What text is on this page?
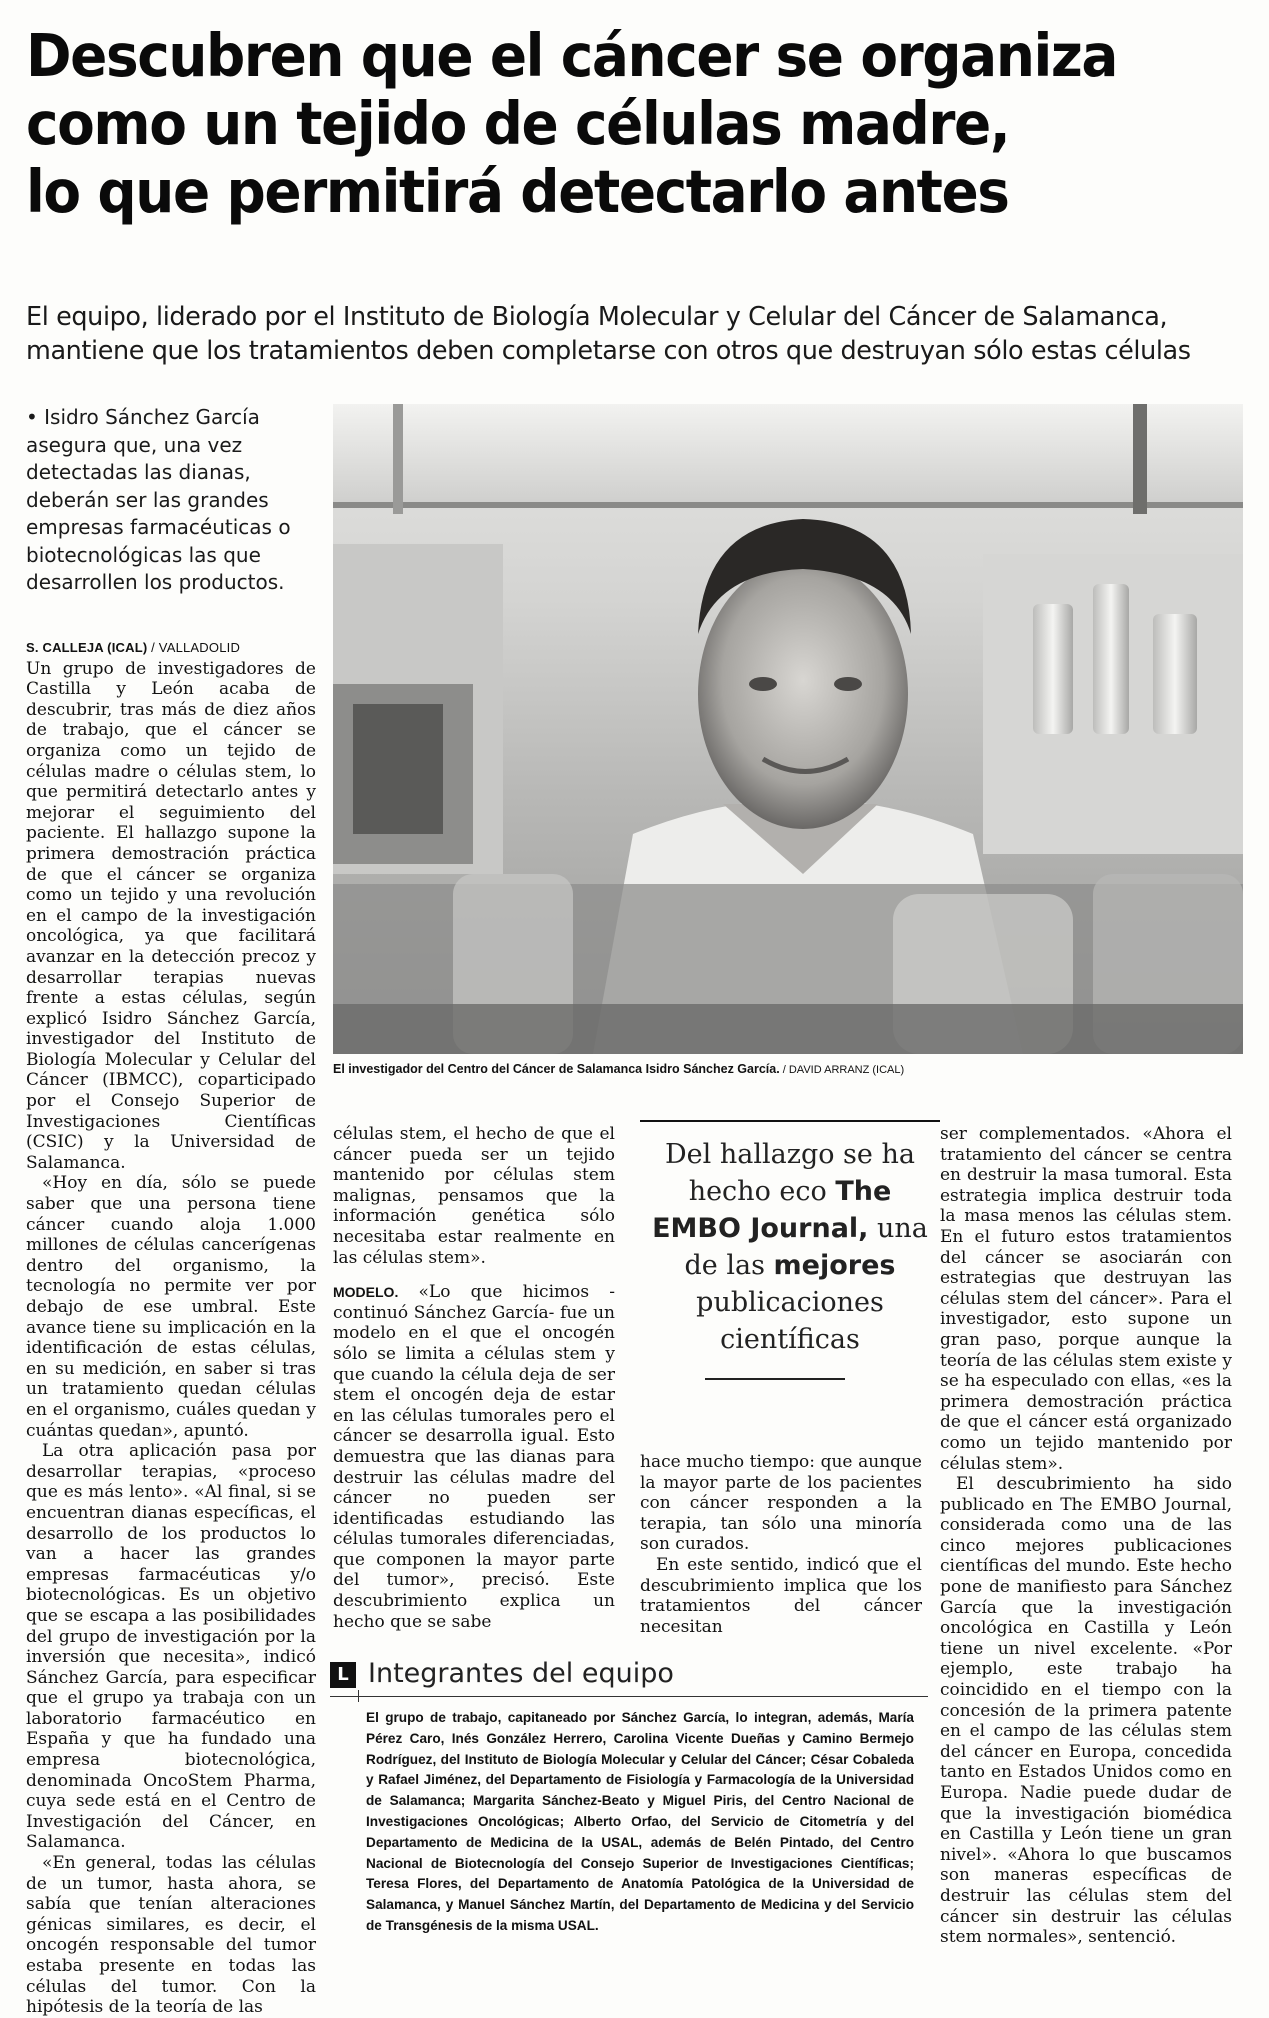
Descubren que el cáncer se organiza
como un tejido de células madre,
lo que permitirá detectarlo antes
El equipo, liderado por el Instituto de Biología Molecular y Celular del Cáncer de Salamanca,
mantiene que los tratamientos deben completarse con otros que destruyan sólo estas células
• Isidro Sánchez García asegura que, una vez detectadas las dianas, deberán ser las grandes empresas farmacéuticas o biotecnológicas las que desarrollen los productos.
S. CALLEJA (ICAL) / VALLADOLID

Un grupo de investigadores de Castilla y León acaba de descubrir, tras más de diez años de trabajo, que el cáncer se organiza como un tejido de células madre o células stem, lo que permitirá detectarlo antes y mejorar el seguimiento del paciente. El hallazgo supone la primera demostración práctica de que el cáncer se organiza como un tejido y una revolución en el campo de la investigación oncológica, ya que facilitará avanzar en la detección precoz y desarrollar terapias nuevas frente a estas células, según explicó Isidro Sánchez García, investigador del Instituto de Biología Molecular y Celular del Cáncer (IBMCC), coparticipado por el Consejo Superior de Investigaciones Científicas (CSIC) y la Universidad de Salamanca.

«Hoy en día, sólo se puede saber que una persona tiene cáncer cuando aloja 1.000 millones de células cancerígenas dentro del organismo, la tecnología no permite ver por debajo de ese umbral. Este avance tiene su implicación en la identificación de estas células, en su medición, en saber si tras un tratamiento quedan células en el organismo, cuáles quedan y cuántas quedan», apuntó.

La otra aplicación pasa por desarrollar terapias, «proceso que es más lento». «Al final, si se encuentran dianas específicas, el desarrollo de los productos lo van a hacer las grandes empresas farmacéuticas y/o biotecnológicas. Es un objetivo que se escapa a las posibilidades del grupo de investigación por la inversión que necesita», indicó Sánchez García, para especificar que el grupo ya trabaja con un laboratorio farmacéutico en España y que ha fundado una empresa biotecnológica, denominada OncoStem Pharma, cuya sede está en el Centro de Investigación del Cáncer, en Salamanca.

«En general, todas las células de un tumor, hasta ahora, se sabía que tenían alteraciones génicas similares, es decir, el oncogén responsable del tumor estaba presente en todas las células del tumor. Con la hipótesis de la teoría de las

El investigador del Centro del Cáncer de Salamanca Isidro Sánchez García. / DAVID ARRANZ (ICAL)

células stem, el hecho de que el cáncer pueda ser un tejido mantenido por células stem malignas, pensamos que la información genética sólo necesitaba estar realmente en las células stem».

MODELO. «Lo que hicimos -continuó Sánchez García- fue un modelo en el que el oncogén sólo se limita a células stem y que cuando la célula deja de ser stem el oncogén deja de estar en las células tumorales pero el cáncer se desarrolla igual. Esto demuestra que las dianas para destruir las células madre del cáncer no pueden ser identificadas estudiando las células tumorales diferenciadas, que componen la mayor parte del tumor», precisó. Este descubrimiento explica un hecho que se sabe

Del hallazgo se ha hecho eco The EMBO Journal, una de las mejores publicaciones científicas

hace mucho tiempo: que aunque la mayor parte de los pacientes con cáncer responden a la terapia, tan sólo una minoría son curados.

En este sentido, indicó que el descubrimiento implica que los tratamientos del cáncer necesitan

ser complementados. «Ahora el tratamiento del cáncer se centra en destruir la masa tumoral. Esta estrategia implica destruir toda la masa menos las células stem. En el futuro estos tratamientos del cáncer se asociarán con estrategias que destruyan las células stem del cáncer». Para el investigador, esto supone un gran paso, porque aunque la teoría de las células stem existe y se ha especulado con ellas, «es la primera demostración práctica de que el cáncer está organizado como un tejido mantenido por células stem».

El descubrimiento ha sido publicado en The EMBO Journal, considerada como una de las cinco mejores publicaciones científicas del mundo. Este hecho pone de manifiesto para Sánchez García que la investigación oncológica en Castilla y León tiene un nivel excelente. «Por ejemplo, este trabajo ha coincidido en el tiempo con la concesión de la primera patente en el campo de las células stem del cáncer en Europa, concedida tanto en Estados Unidos como en Europa. Nadie puede dudar de que la investigación biomédica en Castilla y León tiene un gran nivel». «Ahora lo que buscamos son maneras específicas de destruir las células stem del cáncer sin destruir las células stem normales», sentenció.

L Integrantes del equipo
El grupo de trabajo, capitaneado por Sánchez García, lo integran, además, María Pérez Caro, Inés González Herrero, Carolina Vicente Dueñas y Camino Bermejo Rodríguez, del Instituto de Biología Molecular y Celular del Cáncer; César Cobaleda y Rafael Jiménez, del Departamento de Fisiología y Farmacología de la Universidad de Salamanca; Margarita Sánchez-Beato y Miguel Piris, del Centro Nacional de Investigaciones Oncológicas; Alberto Orfao, del Servicio de Citometría y del Departamento de Medicina de la USAL, además de Belén Pintado, del Centro Nacional de Biotecnología del Consejo Superior de Investigaciones Científicas; Teresa Flores, del Departamento de Anatomía Patológica de la Universidad de Salamanca, y Manuel Sánchez Martín, del Departamento de Medicina y del Servicio de Transgénesis de la misma USAL.
